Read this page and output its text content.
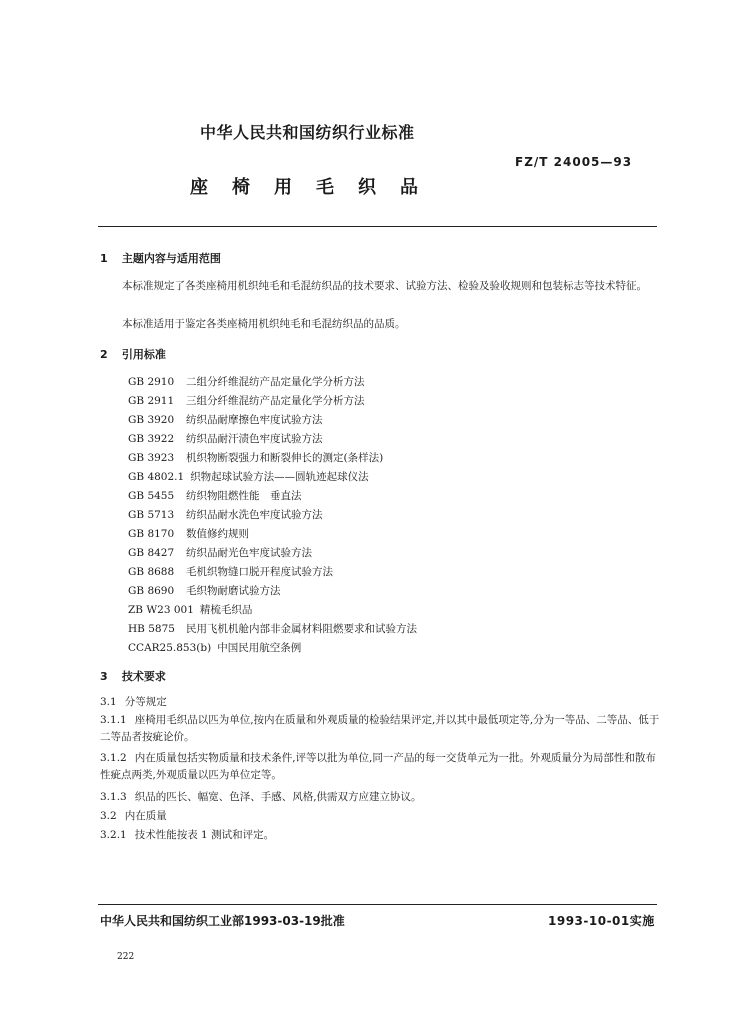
中华人民共和国纺织行业标准
FZ/T 24005—93
座椅用毛织品
1 主题内容与适用范围
本标准规定了各类座椅用机织纯毛和毛混纺织品的技术要求、试验方法、检验及验收规则和包装标志等技术特征。
本标准适用于鉴定各类座椅用机织纯毛和毛混纺织品的品质。
2 引用标准
GB 2910 二组分纤维混纺产品定量化学分析方法
GB 2911 三组分纤维混纺产品定量化学分析方法
GB 3920 纺织品耐摩擦色牢度试验方法
GB 3922 纺织品耐汗渍色牢度试验方法
GB 3923 机织物断裂强力和断裂伸长的测定(条样法)
GB 4802.1 织物起球试验方法——圆轨迹起球仪法
GB 5455 纺织物阻燃性能　垂直法
GB 5713 纺织品耐水洗色牢度试验方法
GB 8170 数值修约规则
GB 8427 纺织品耐光色牢度试验方法
GB 8688 毛机织物缝口脱开程度试验方法
GB 8690 毛织物耐磨试验方法
ZB W23 001 精梳毛织品
HB 5875 民用飞机机舱内部非金属材料阻燃要求和试验方法
CCAR25.853(b) 中国民用航空条例
3 技术要求
3.1 分等规定
3.1.1 座椅用毛织品以匹为单位,按内在质量和外观质量的检验结果评定,并以其中最低项定等,分为一等品、二等品、低于二等品者按疵论价。
3.1.2 内在质量包括实物质量和技术条件,评等以批为单位,同一产品的每一交货单元为一批。外观质量分为局部性和散布性疵点两类,外观质量以匹为单位定等。
3.1.3 织品的匹长、幅宽、色泽、手感、风格,供需双方应建立协议。
3.2 内在质量
3.2.1 技术性能按表 1 测试和评定。
中华人民共和国纺织工业部1993-03-19批准	1993-10-01实施
222
